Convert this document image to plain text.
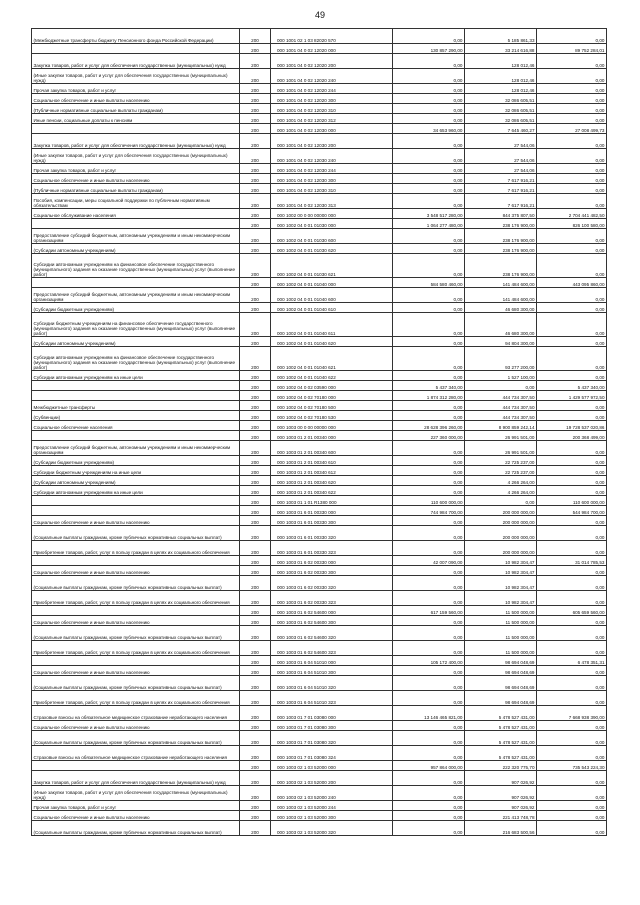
49
(Межбюджетные трансферты бюджету Пенсионного фонда Российской Федерации)	200	000 1001 02 1 03 82020 570	0,00	5 185 861,33	0,00
	200	000 1001 04 0 02 12020 000	130 857 290,00	33 214 616,88	89 752 284,01
Закупка товаров, работ и услуг для обеспечения государственных (муниципальных) нужд	200	000 1001 04 0 02 12020 200	0,00	128 012,46	0,00
(Иные закупки товаров, работ и услуг для обеспечения государственных (муниципальных) нужд)	200	000 1001 04 0 02 12020 240	0,00	128 012,46	0,00
Прочая закупка товаров, работ и услуг	200	000 1001 04 0 02 12020 244	0,00	128 012,46	0,00
Социальное обеспечение и иные выплаты населению	200	000 1001 04 0 02 12020 300	0,00	32 086 605,51	0,00
(Публичные нормативные социальные выплаты гражданам)	200	000 1001 04 0 02 12020 310	0,00	32 086 605,51	0,00
Иные пенсии, социальные доплаты к пенсиям	200	000 1001 04 0 02 12020 312	0,00	32 086 605,51	0,00
	200	000 1001 04 0 02 12030 000	34 653 960,00	7 645 460,27	27 008 499,73
Закупка товаров, работ и услуг для обеспечения государственных (муниципальных) нужд	200	000 1001 04 0 02 12030 200	0,00	27 544,06	0,00
(Иные закупки товаров, работ и услуг для обеспечения государственных (муниципальных) нужд)	200	000 1001 04 0 02 12030 240	0,00	27 544,06	0,00
Прочая закупка товаров, работ и услуг	200	000 1001 04 0 02 12030 244	0,00	27 544,06	0,00
Социальное обеспечение и иные выплаты населению	200	000 1001 04 0 02 12030 300	0,00	7 617 916,21	0,00
(Публичные нормативные социальные выплаты гражданам)	200	000 1001 04 0 02 12030 310	0,00	7 617 916,21	0,00
Пособия, компенсации, меры социальной поддержки по публичным нормативным обязательствам	200	000 1001 04 0 02 12030 313	0,00	7 617 916,21	0,00
Социальное обслуживание населения	200	000 1002 00 0 00 00000 000	3 548 517 280,00	844 375 807,50	2 704 441 482,50
	200	000 1002 04 0 01 01030 000	1 064 277 480,00	238 176 900,00	826 100 580,00
Предоставление субсидий бюджетным, автономным учреждениям и иным некоммерческим организациям	200	000 1002 04 0 01 01030 600	0,00	238 176 900,00	0,00
(Субсидии автономным учреждениям)	200	000 1002 04 0 01 01030 620	0,00	238 176 900,00	0,00
Субсидии автономным учреждениям на финансовое обеспечение государственного (муниципального) задания на оказание государственных (муниципальных) услуг (выполнение работ)	200	000 1002 04 0 01 01030 621	0,00	238 176 900,00	0,00
	200	000 1002 04 0 01 01040 000	584 580 460,00	141 484 600,00	443 095 860,00
Предоставление субсидий бюджетным, автономным учреждениям и иным некоммерческим организациям	200	000 1002 04 0 01 01040 600	0,00	141 484 600,00	0,00
(Субсидии бюджетным учреждениям)	200	000 1002 04 0 01 01040 610	0,00	46 680 300,00	0,00
Субсидии бюджетным учреждениям на финансовое обеспечение государственного (муниципального) задания на оказание государственных (муниципальных) услуг (выполнение работ)	200	000 1002 04 0 01 01040 611	0,00	46 680 300,00	0,00
(Субсидии автономным учреждениям)	200	000 1002 04 0 01 01040 620	0,00	94 804 300,00	0,00
Субсидии автономным учреждениям на финансовое обеспечение государственного (муниципального) задания на оказание государственных (муниципальных) услуг (выполнение работ)	200	000 1002 04 0 01 01040 621	0,00	93 277 200,00	0,00
Субсидии автономным учреждениям на иные цели	200	000 1002 04 0 01 01040 622	0,00	1 527 100,00	0,00
	200	000 1002 04 0 02 03590 000	5 437 340,00	0,00	5 437 340,00
	200	000 1002 04 0 02 70180 000	1 874 312 280,00	444 734 307,50	1 429 577 972,50
Межбюджетные трансферты	200	000 1002 04 0 02 70180 500	0,00	444 734 307,50	0,00
(Субвенции)	200	000 1002 04 0 02 70180 530	0,00	444 734 307,50	0,00
Социальное обеспечение населения	200	000 1003 00 0 00 00000 000	28 628 396 260,00	8 900 859 242,14	19 728 537 020,86
	200	000 1003 01 2 01 00340 000	227 360 000,00	26 991 501,00	200 368 499,00
Предоставление субсидий бюджетным, автономным учреждениям и иным некоммерческим организациям	200	000 1003 01 2 01 00340 600	0,00	26 991 501,00	0,00
(Субсидии бюджетным учреждениям)	200	000 1003 01 2 01 00340 610	0,00	22 725 237,00	0,00
Субсидии бюджетным учреждениям на иные цели	200	000 1003 01 2 01 00340 612	0,00	22 725 237,00	0,00
(Субсидии автономным учреждениям)	200	000 1003 01 2 01 00340 620	0,00	4 266 264,00	0,00
Субсидии автономным учреждениям на иные цели	200	000 1003 01 2 01 00340 622	0,00	4 266 264,00	0,00
	200	000 1003 01 1 01 R1380 000	110 600 000,00	0,00	110 600 000,00
	200	000 1003 01 6 01 00330 000	744 984 700,00	200 000 000,00	544 984 700,00
Социальное обеспечение и иные выплаты населению	200	000 1003 01 6 01 00330 300	0,00	200 000 000,00	0,00
(Социальные выплаты гражданам, кроме публичных нормативных социальных выплат)	200	000 1003 01 6 01 00330 320	0,00	200 000 000,00	0,00
Приобретение товаров, работ, услуг в пользу граждан в целях их социального обеспечения	200	000 1003 01 6 01 00330 323	0,00	200 000 000,00	0,00
	200	000 1003 01 6 02 00330 000	42 007 090,00	10 982 304,47	31 014 785,53
Социальное обеспечение и иные выплаты населению	200	000 1003 01 6 02 00330 300	0,00	10 982 304,47	0,00
(Социальные выплаты гражданам, кроме публичных нормативных социальных выплат)	200	000 1003 01 6 02 00330 320	0,00	10 982 304,47	0,00
Приобретение товаров, работ, услуг в пользу граждан в целях их социального обеспечения	200	000 1003 01 6 02 00330 323	0,00	10 982 304,47	0,00
	200	000 1003 01 6 02 54600 000	617 159 560,00	11 500 000,00	605 659 560,00
Социальное обеспечение и иные выплаты населению	200	000 1003 01 6 02 54600 300	0,00	11 500 000,00	0,00
(Социальные выплаты гражданам, кроме публичных нормативных социальных выплат)	200	000 1003 01 6 02 54600 320	0,00	11 500 000,00	0,00
Приобретение товаров, работ, услуг в пользу граждан в целях их социального обеспечения	200	000 1003 01 6 02 54600 323	0,00	11 500 000,00	0,00
	200	000 1003 01 6 04 51010 000	105 172 400,00	98 694 048,69	6 478 351,31
Социальное обеспечение и иные выплаты населению	200	000 1003 01 6 04 51010 300	0,00	98 694 048,69	0,00
(Социальные выплаты гражданам, кроме публичных нормативных социальных выплат)	200	000 1003 01 6 04 51010 320	0,00	98 694 048,69	0,00
Приобретение товаров, работ, услуг в пользу граждан в целях их социального обеспечения	200	000 1003 01 6 04 51010 323	0,00	98 694 048,69	0,00
Страховые взносы на обязательное медицинское страхование неработающего населения	200	000 1003 01 7 01 03080 000	13 146 465 821,00	5 478 527 431,00	7 668 938 390,00
Социальное обеспечение и иные выплаты населению	200	000 1003 01 7 01 03080 300	0,00	5 478 527 431,00	0,00
(Социальные выплаты гражданам, кроме публичных нормативных социальных выплат)	200	000 1003 01 7 01 03080 320	0,00	5 478 527 431,00	0,00
Страховые взносы на обязательное медицинское страхование неработающего населения	200	000 1003 01 7 01 03080 324	0,00	5 478 527 431,00	0,00
	200	000 1003 02 1 03 52000 000	957 864 000,00	222 320 775,70	735 543 224,30
Закупка товаров, работ и услуг для обеспечения государственных (муниципальных) нужд	200	000 1003 02 1 03 52000 200	0,00	907 026,92	0,00
(Иные закупки товаров, работ и услуг для обеспечения государственных (муниципальных) нужд)	200	000 1003 02 1 03 52000 240	0,00	907 026,92	0,00
Прочая закупка товаров, работ и услуг	200	000 1003 02 1 03 52000 244	0,00	907 026,92	0,00
Социальное обеспечение и иные выплаты населению	200	000 1003 02 1 03 52000 300	0,00	221 413 748,78	0,00
(Социальные выплаты гражданам, кроме публичных нормативных социальных выплат)	200	000 1003 02 1 03 52000 320	0,00	216 683 500,56	0,00
